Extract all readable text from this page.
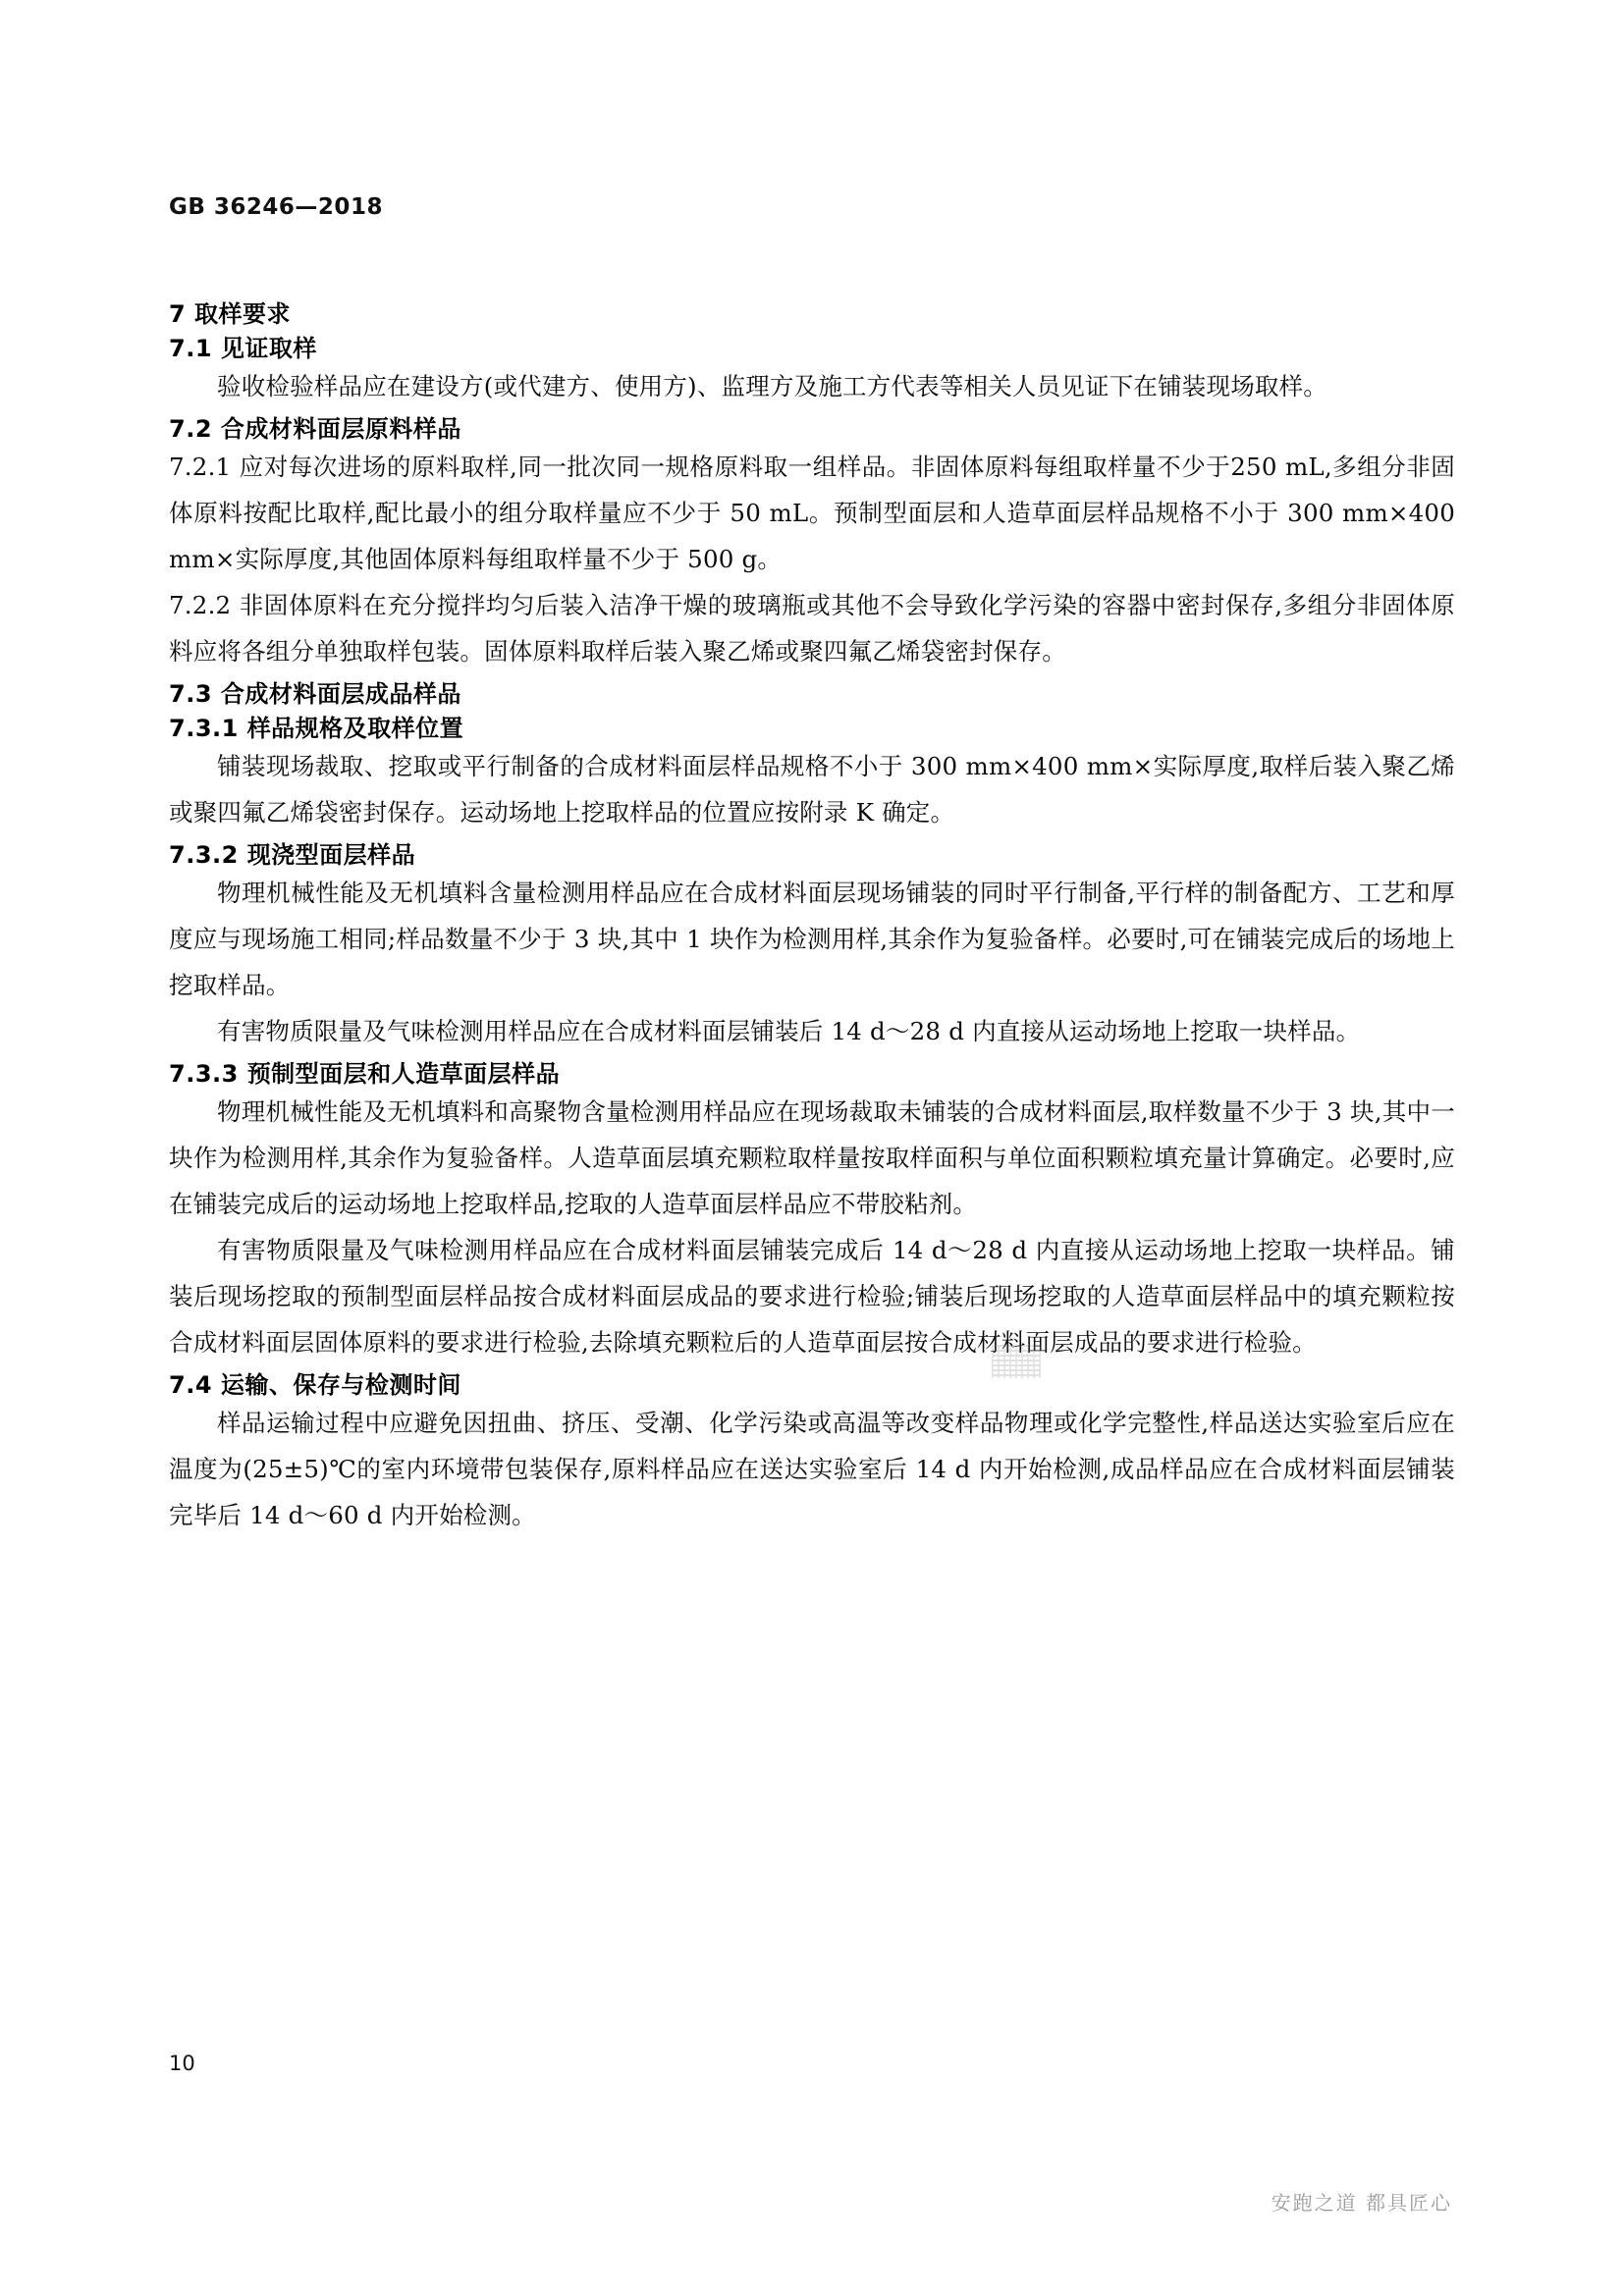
GB 36246—2018
7 取样要求
7.1 见证取样

验收检验样品应在建设方(或代建方、使用方)、监理方及施工方代表等相关人员见证下在铺装现场取样。

7.2 合成材料面层原料样品

7.2.1 应对每次进场的原料取样,同一批次同一规格原料取一组样品。非固体原料每组取样量不少于250 mL,多组分非固体原料按配比取样,配比最小的组分取样量应不少于 50 mL。预制型面层和人造草面层样品规格不小于 300 mm×400 mm×实际厚度,其他固体原料每组取样量不少于 500 g。

7.2.2 非固体原料在充分搅拌均匀后装入洁净干燥的玻璃瓶或其他不会导致化学污染的容器中密封保存,多组分非固体原料应将各组分单独取样包装。固体原料取样后装入聚乙烯或聚四氟乙烯袋密封保存。

7.3 合成材料面层成品样品
7.3.1 样品规格及取样位置

铺装现场裁取、挖取或平行制备的合成材料面层样品规格不小于 300 mm×400 mm×实际厚度,取样后装入聚乙烯或聚四氟乙烯袋密封保存。运动场地上挖取样品的位置应按附录 K 确定。

7.3.2 现浇型面层样品

物理机械性能及无机填料含量检测用样品应在合成材料面层现场铺装的同时平行制备,平行样的制备配方、工艺和厚度应与现场施工相同;样品数量不少于 3 块,其中 1 块作为检测用样,其余作为复验备样。必要时,可在铺装完成后的场地上挖取样品。

有害物质限量及气味检测用样品应在合成材料面层铺装后 14 d～28 d 内直接从运动场地上挖取一块样品。

7.3.3 预制型面层和人造草面层样品

物理机械性能及无机填料和高聚物含量检测用样品应在现场裁取未铺装的合成材料面层,取样数量不少于 3 块,其中一块作为检测用样,其余作为复验备样。人造草面层填充颗粒取样量按取样面积与单位面积颗粒填充量计算确定。必要时,应在铺装完成后的运动场地上挖取样品,挖取的人造草面层样品应不带胶粘剂。

有害物质限量及气味检测用样品应在合成材料面层铺装完成后 14 d～28 d 内直接从运动场地上挖取一块样品。铺装后现场挖取的预制型面层样品按合成材料面层成品的要求进行检验;铺装后现场挖取的人造草面层样品中的填充颗粒按合成材料面层固体原料的要求进行检验,去除填充颗粒后的人造草面层按合成材料面层成品的要求进行检验。

7.4 运输、保存与检测时间

样品运输过程中应避免因扭曲、挤压、受潮、化学污染或高温等改变样品物理或化学完整性,样品送达实验室后应在温度为(25±5)℃的室内环境带包装保存,原料样品应在送达实验室后 14 d 内开始检测,成品样品应在合成材料面层铺装完毕后 14 d～60 d 内开始检测。

10
安跑之道 都具匠心
